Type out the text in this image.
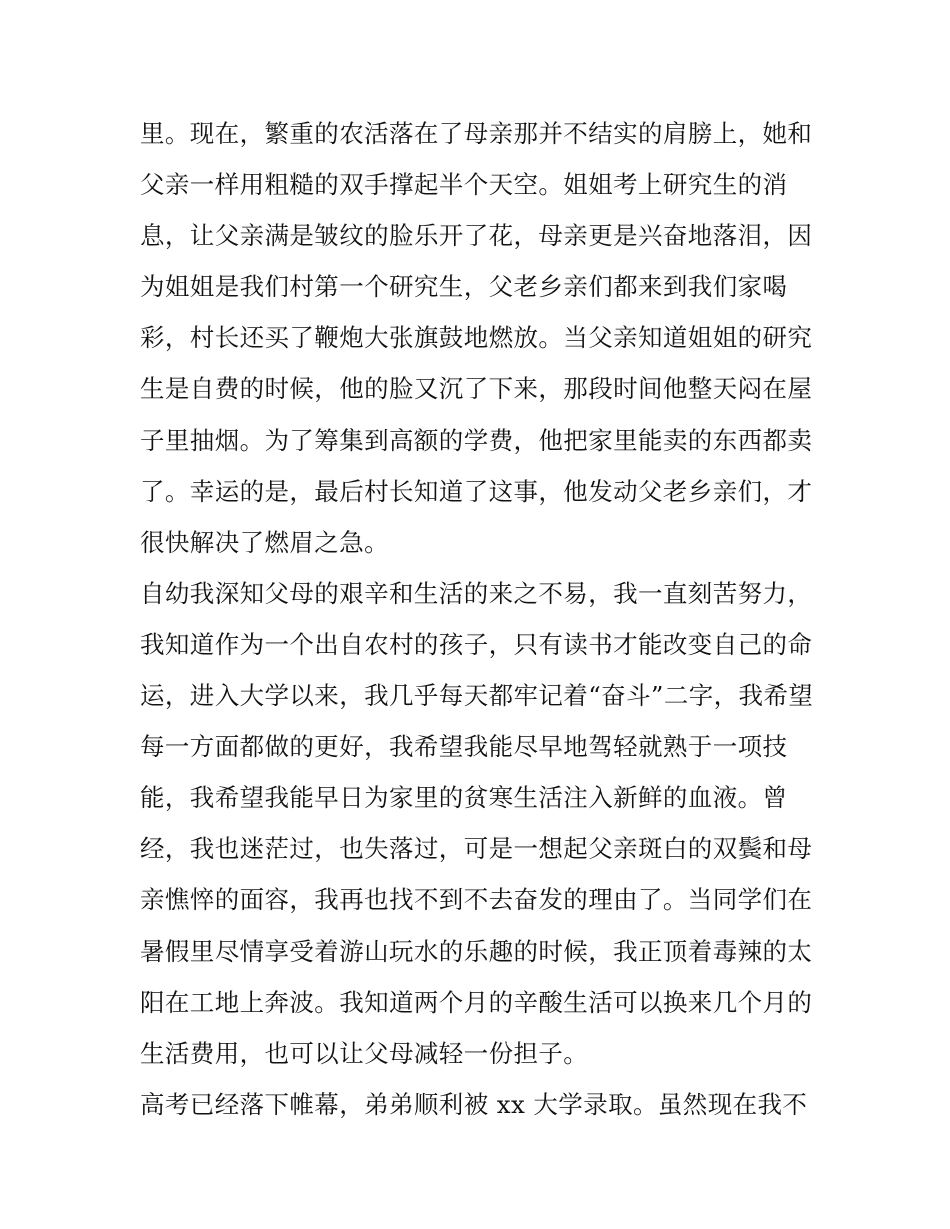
里。现在，繁重的农活落在了母亲那并不结实的肩膀上，她和
父亲一样用粗糙的双手撑起半个天空。姐姐考上研究生的消
息，让父亲满是皱纹的脸乐开了花，母亲更是兴奋地落泪，因
为姐姐是我们村第一个研究生，父老乡亲们都来到我们家喝
彩，村长还买了鞭炮大张旗鼓地燃放。当父亲知道姐姐的研究
生是自费的时候，他的脸又沉了下来，那段时间他整天闷在屋
子里抽烟。为了筹集到高额的学费，他把家里能卖的东西都卖
了。幸运的是，最后村长知道了这事，他发动父老乡亲们，才
很快解决了燃眉之急。
自幼我深知父母的艰辛和生活的来之不易，我一直刻苦努力，
我知道作为一个出自农村的孩子，只有读书才能改变自己的命
运，进入大学以来，我几乎每天都牢记着“奋斗”二字，我希望
每一方面都做的更好，我希望我能尽早地驾轻就熟于一项技
能，我希望我能早日为家里的贫寒生活注入新鲜的血液。曾
经，我也迷茫过，也失落过，可是一想起父亲斑白的双鬓和母
亲憔悴的面容，我再也找不到不去奋发的理由了。当同学们在
暑假里尽情享受着游山玩水的乐趣的时候，我正顶着毒辣的太
阳在工地上奔波。我知道两个月的辛酸生活可以换来几个月的
生活费用，也可以让父母减轻一份担子。
高考已经落下帷幕，弟弟顺利被 xx 大学录取。虽然现在我不
